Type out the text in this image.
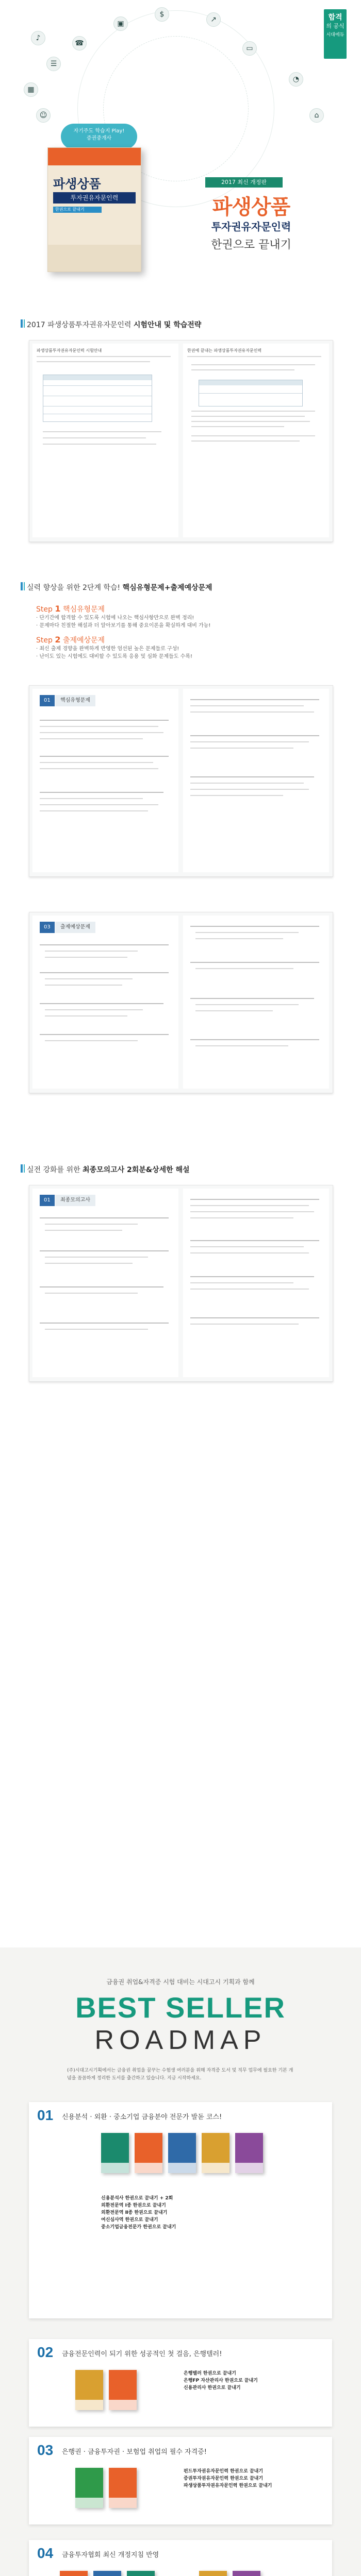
합격
의 공식
시대에듀
♪
☰
▦
☺
▣
$
↗
▭
◔
⌂
☎
자기주도 학습지 Play!
증권중개사
파생상품
투자권유자문인력
한권으로 끝내기
2017 최신 개정판
파생상품
투자권유자문인력
한권으로 끝내기
2017 파생상품투자권유자문인력 시험안내 및 학습전략
파생상품투자권유자문인력 시험안내	한권에 끝내는 파생상품투자권유자문인력
실력 향상을 위한 2단계 학습! 핵심유형문제+출제예상문제
Step 1 핵심유형문제
· 단기간에 합격할 수 있도록 시험에 나오는 핵심사항만으로 완벽 정리!
· 문제마다 친절한 해설과 더 알아보기를 통해 중요이론을 확실하게 대비 가능!
Step 2 출제예상문제
· 최신 출제 경향을 완벽하게 반영한 엄선된 높은 문제들로 구성!
· 난이도 있는 시험에도 대비할 수 있도록 응용 및 심화 문제들도 수록!
01	핵심유형문제
03	출제예상문제
실전 강화를 위한 최종모의고사 2회분&상세한 해설
01	최종모의고사
금융권 취업&자격증 시험 대비는 시대고시 기획과 함께
BEST SELLER
ROADMAP
(주)시대고시기획에서는 금융권 취업을 꿈꾸는 수험생 여러분을 위해 자격증 도서 및 직무 업무에 필요한 기본 개념을 꼼꼼하게 정리한 도서를 출간하고 있습니다. 지금 시작하세요.
01 신용분석 · 외환 · 중소기업 금융분야 전문가 발돋 코스!
신용분석사 한권으로 끝내기 + 2회
외환전문역 Ⅰ종 한권으로 끝내기
외환전문역 Ⅱ종 한권으로 끝내기
여신심사역 한권으로 끝내기
중소기업금융전문가 한권으로 끝내기
02 금융전문인력이 되기 위한 성공적인 첫 걸음, 은행텔러!
은행텔러 한권으로 끝내기
은행FP 자산관리사 한권으로 끝내기
신용관리사 한권으로 끝내기
03 은행권 · 금융투자권 · 보험업 취업의 필수 자격증!
펀드투자권유자문인력 한권으로 끝내기
증권투자권유자문인력 한권으로 끝내기
파생상품투자권유자문인력 한권으로 끝내기
04 금융투자협회 최신 개정지침 반영
